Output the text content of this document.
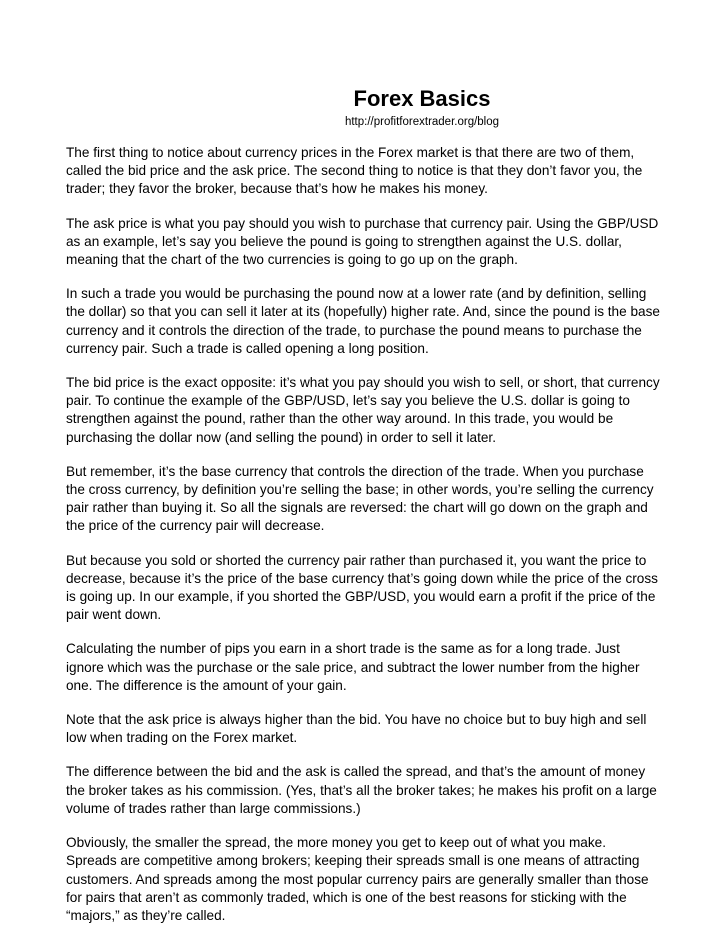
Forex Basics

http://profitforextrader.org/blog

The first thing to notice about currency prices in the Forex market is that there are two of them, called the bid price and the ask price. The second thing to notice is that they don’t favor you, the trader; they favor the broker, because that’s how he makes his money.

The ask price is what you pay should you wish to purchase that currency pair. Using the GBP/USD as an example, let’s say you believe the pound is going to strengthen against the U.S. dollar, meaning that the chart of the two currencies is going to go up on the graph.

In such a trade you would be purchasing the pound now at a lower rate (and by definition, selling the dollar) so that you can sell it later at its (hopefully) higher rate. And, since the pound is the base currency and it controls the direction of the trade, to purchase the pound means to purchase the currency pair. Such a trade is called opening a long position.

The bid price is the exact opposite: it’s what you pay should you wish to sell, or short, that currency pair. To continue the example of the GBP/USD, let’s say you believe the U.S. dollar is going to strengthen against the pound, rather than the other way around. In this trade, you would be purchasing the dollar now (and selling the pound) in order to sell it later.

But remember, it’s the base currency that controls the direction of the trade. When you purchase the cross currency, by definition you’re selling the base; in other words, you’re selling the currency pair rather than buying it. So all the signals are reversed: the chart will go down on the graph and the price of the currency pair will decrease.

But because you sold or shorted the currency pair rather than purchased it, you want the price to decrease, because it’s the price of the base currency that’s going down while the price of the cross is going up. In our example, if you shorted the GBP/USD, you would earn a profit if the price of the pair went down.

Calculating the number of pips you earn in a short trade is the same as for a long trade. Just ignore which was the purchase or the sale price, and subtract the lower number from the higher one. The difference is the amount of your gain.

Note that the ask price is always higher than the bid. You have no choice but to buy high and sell low when trading on the Forex market.

The difference between the bid and the ask is called the spread, and that’s the amount of money the broker takes as his commission. (Yes, that’s all the broker takes; he makes his profit on a large volume of trades rather than large commissions.)

Obviously, the smaller the spread, the more money you get to keep out of what you make. Spreads are competitive among brokers; keeping their spreads small is one means of attracting customers. And spreads among the most popular currency pairs are generally smaller than those for pairs that aren’t as commonly traded, which is one of the best reasons for sticking with the “majors,” as they’re called.
